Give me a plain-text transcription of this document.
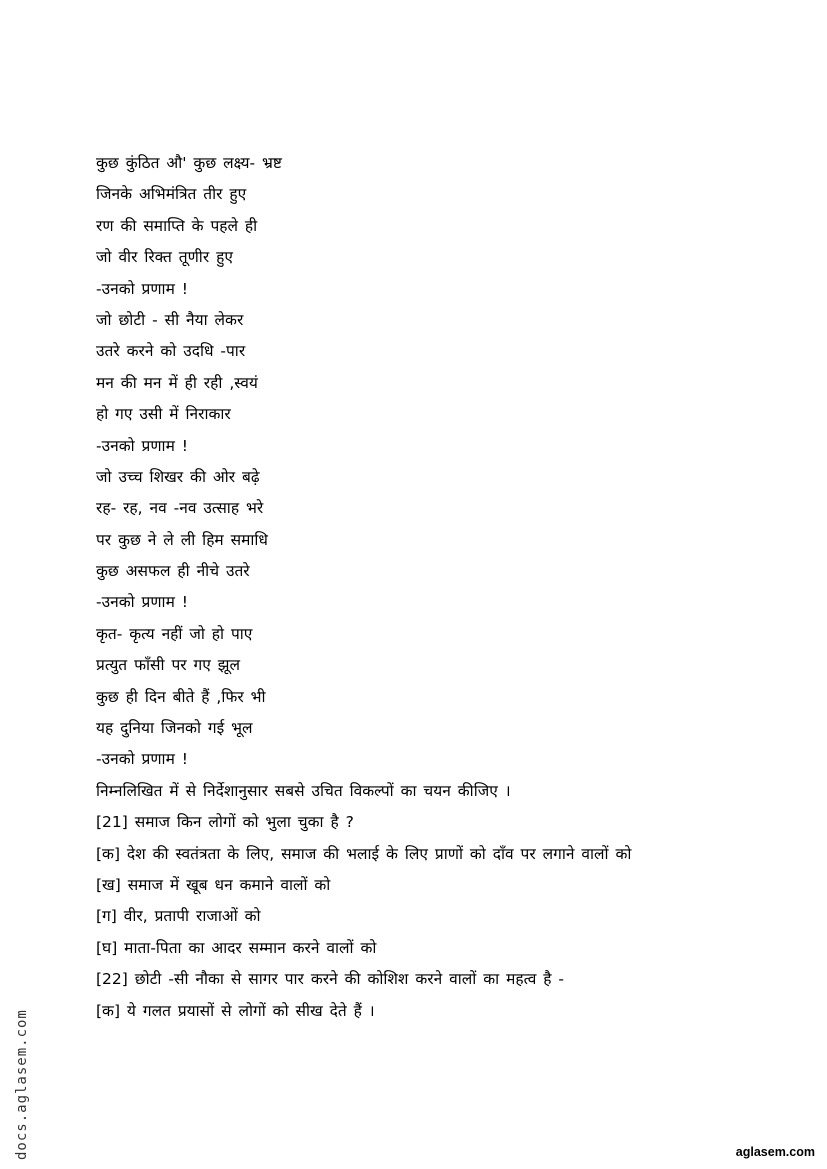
कुछ कुंठित औ' कुछ लक्ष्य- भ्रष्ट
जिनके अभिमंत्रित तीर हुए
रण की समाप्ति के पहले ही
जो वीर रिक्त तूणीर हुए
-उनको प्रणाम !
जो छोटी - सी नैया लेकर
उतरे करने को उदधि -पार
मन की मन में ही रही ,स्वयं
हो गए उसी में निराकार
-उनको प्रणाम !
जो उच्च शिखर की ओर बढ़े
रह- रह, नव -नव उत्साह भरे
पर कुछ ने ले ली हिम समाधि
कुछ असफल ही नीचे उतरे
-उनको प्रणाम !
कृत- कृत्य नहीं जो हो पाए
प्रत्युत फाँसी पर गए झूल
कुछ ही दिन बीते हैं ,फिर भी
यह दुनिया जिनको गई भूल
-उनको प्रणाम !
निम्नलिखित में से निर्देशानुसार सबसे उचित विकल्पों का चयन कीजिए ।
[21] समाज किन लोगों को भुला चुका है ?
[क] देश की स्वतंत्रता के लिए, समाज की भलाई के लिए प्राणों को दाँव पर लगाने वालों को
[ख] समाज में खूब धन कमाने वालों को
[ग] वीर, प्रतापी राजाओं को
[घ] माता-पिता का आदर सम्मान करने वालों को
[22] छोटी -सी नौका से सागर पार करने की कोशिश करने वालों का महत्व है -
[क] ये गलत प्रयासों से लोगों को सीख देते हैं ।
docs.aglasem.com	aglasem.com
